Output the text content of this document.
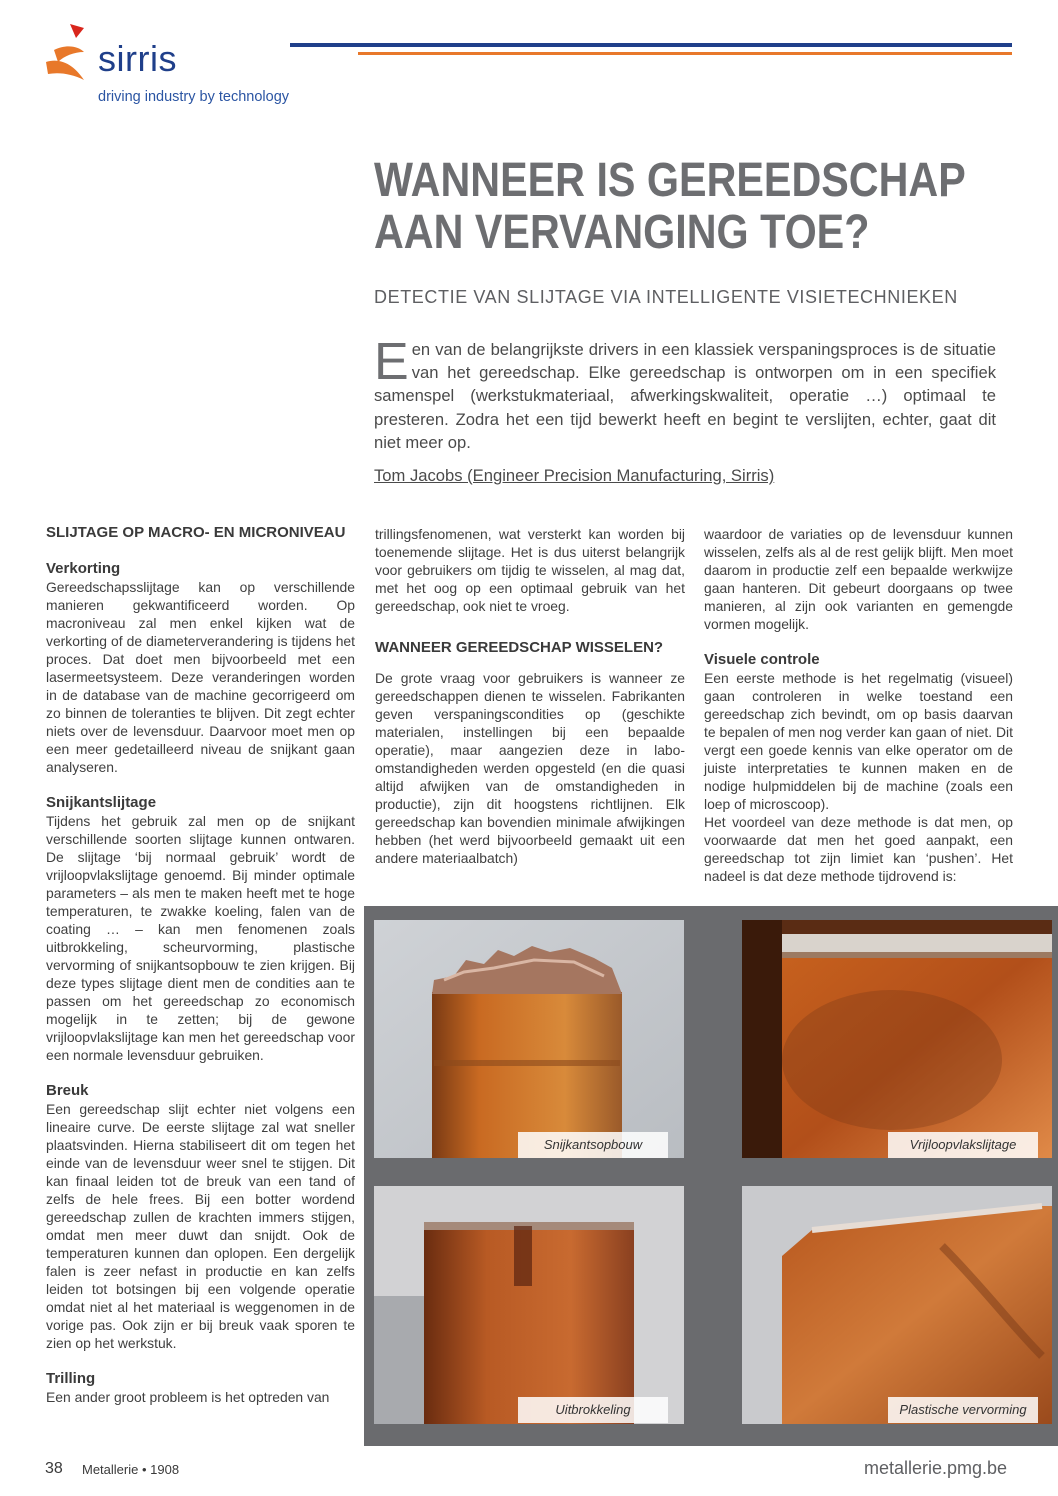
sirris
driving industry by technology
WANNEER IS GEREEDSCHAP
AAN VERVANGING TOE?
DETECTIE VAN SLIJTAGE VIA INTELLIGENTE VISIETECHNIEKEN
Een van de belangrijkste drivers in een klassiek verspaningsproces is de situatie van het gereedschap. Elke gereedschap is ontworpen om in een specifiek samenspel (werkstukmateriaal, afwerkingskwaliteit, operatie …) optimaal te presteren. Zodra het een tijd bewerkt heeft en begint te verslijten, echter, gaat dit niet meer op.
Tom Jacobs (Engineer Precision Manufacturing, Sirris)
SLIJTAGE OP MACRO- EN MICRONIVEAU
Verkorting

Gereedschapsslijtage kan op verschillende manieren gekwantificeerd worden. Op macroniveau zal men enkel kijken wat de verkorting of de diameterverandering is tijdens het proces. Dat doet men bijvoorbeeld met een lasermeetsysteem. Deze veranderingen worden in de database van de machine gecorrigeerd om zo binnen de toleranties te blijven. Dit zegt echter niets over de levensduur. Daarvoor moet men op een meer gedetailleerd niveau de snijkant gaan analyseren.

Snijkantslijtage

Tijdens het gebruik zal men op de snijkant verschillende soorten slijtage kunnen ontwaren. De slijtage ‘bij normaal gebruik’ wordt de vrijloopvlakslijtage genoemd. Bij minder optimale parameters – als men te maken heeft met te hoge temperaturen, te zwakke koeling, falen van de coating … – kan men fenomenen zoals uitbrokkeling, scheurvorming, plastische vervorming of snijkantsopbouw te zien krijgen. Bij deze types slijtage dient men de condities aan te passen om het gereedschap zo economisch mogelijk in te zetten; bij de gewone vrijloopvlakslijtage kan men het gereedschap voor een normale levensduur gebruiken.

Breuk

Een gereedschap slijt echter niet volgens een lineaire curve. De eerste slijtage zal wat sneller plaatsvinden. Hierna stabiliseert dit om tegen het einde van de levensduur weer snel te stijgen. Dit kan finaal leiden tot de breuk van een tand of zelfs de hele frees. Bij een botter wordend gereedschap zullen de krachten immers stijgen, omdat men meer duwt dan snijdt. Ook de temperaturen kunnen dan oplopen. Een dergelijk falen is zeer nefast in productie en kan zelfs leiden tot botsingen bij een volgende operatie omdat niet al het materiaal is weggenomen in de vorige pas. Ook zijn er bij breuk vaak sporen te zien op het werkstuk.

Trilling

Een ander groot probleem is het optreden van

trillingsfenomenen, wat versterkt kan worden bij toenemende slijtage. Het is dus uiterst belangrijk voor gebruikers om tijdig te wisselen, al mag dat, met het oog op een optimaal gebruik van het gereedschap, ook niet te vroeg.

WANNEER GEREEDSCHAP WISSELEN?

De grote vraag voor gebruikers is wanneer ze gereedschappen dienen te wisselen. Fabrikanten geven verspaningscondities op (geschikte materialen, instellingen bij een bepaalde operatie), maar aangezien deze in labo-omstandigheden werden opgesteld (en die quasi altijd afwijken van de omstandigheden in productie), zijn dit hoogstens richtlijnen. Elk gereedschap kan bovendien minimale afwijkingen hebben (het werd bijvoorbeeld gemaakt uit een andere materiaalbatch)

waardoor de variaties op de levensduur kunnen wisselen, zelfs als al de rest gelijk blijft. Men moet daarom in productie zelf een bepaalde werkwijze gaan hanteren. Dit gebeurt doorgaans op twee manieren, al zijn ook varianten en gemengde vormen mogelijk.

Visuele controle

Een eerste methode is het regelmatig (visueel) gaan controleren in welke toestand een gereedschap zich bevindt, om op basis daarvan te bepalen of men nog verder kan gaan of niet. Dit vergt een goede kennis van elke operator om de juiste interpretaties te kunnen maken en de nodige hulpmiddelen bij de machine (zoals een loep of microscoop).

Het voordeel van deze methode is dat men, op voorwaarde dat men het goed aanpakt, een gereedschap tot zijn limiet kan ‘pushen’. Het nadeel is dat deze methode tijdrovend is:

Snijkantsopbouw	Vrijloopvlakslijtage
Uitbrokkeling	Plastische vervorming
38 Metallerie • 1908	metallerie.pmg.be
